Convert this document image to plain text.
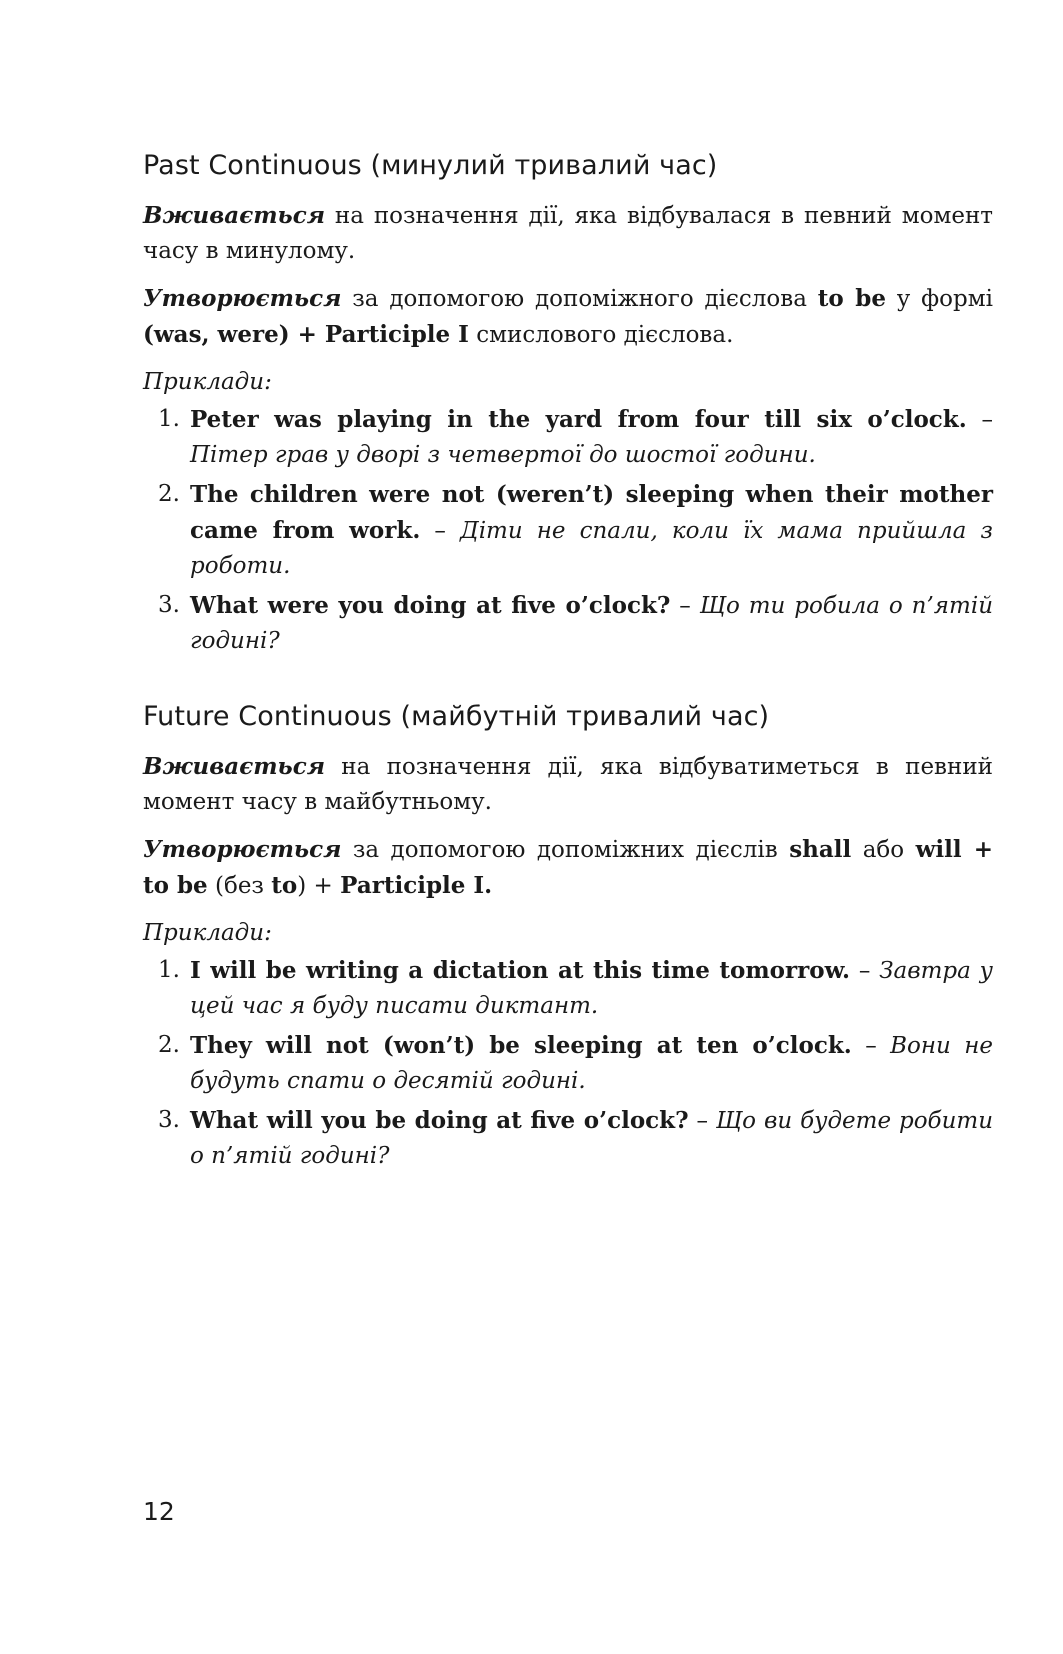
Past Continuous (минулий тривалий час)

Вживається на позначення дії, яка відбувалася в певний момент часу в минулому.

Утворюється за допомогою допоміжного дієслова to be у формі (was, were) + Participle I смислового дієслова.

Приклади:

1. Peter was playing in the yard from four till six o’clock. – Пітер грав у дворі з четвертої до шостої години.
2. The children were not (weren’t) sleeping when their mother came from work. – Діти не спали, коли їх мама прийшла з роботи.
3. What were you doing at five o’clock? – Що ти робила о п’ятій годині?
Future Continuous (майбутній тривалий час)

Вживається на позначення дії, яка відбуватиметься в певний момент часу в майбутньому.

Утворюється за допомогою допоміжних дієслів shall або will + to be (без to) + Participle I.

Приклади:

1. I will be writing a dictation at this time tomorrow. – Завтра у цей час я буду писати диктант.
2. They will not (won’t) be sleeping at ten o’clock. – Вони не будуть спати о десятій годині.
3. What will you be doing at five o’clock? – Що ви будете робити о п’ятій годині?
12
